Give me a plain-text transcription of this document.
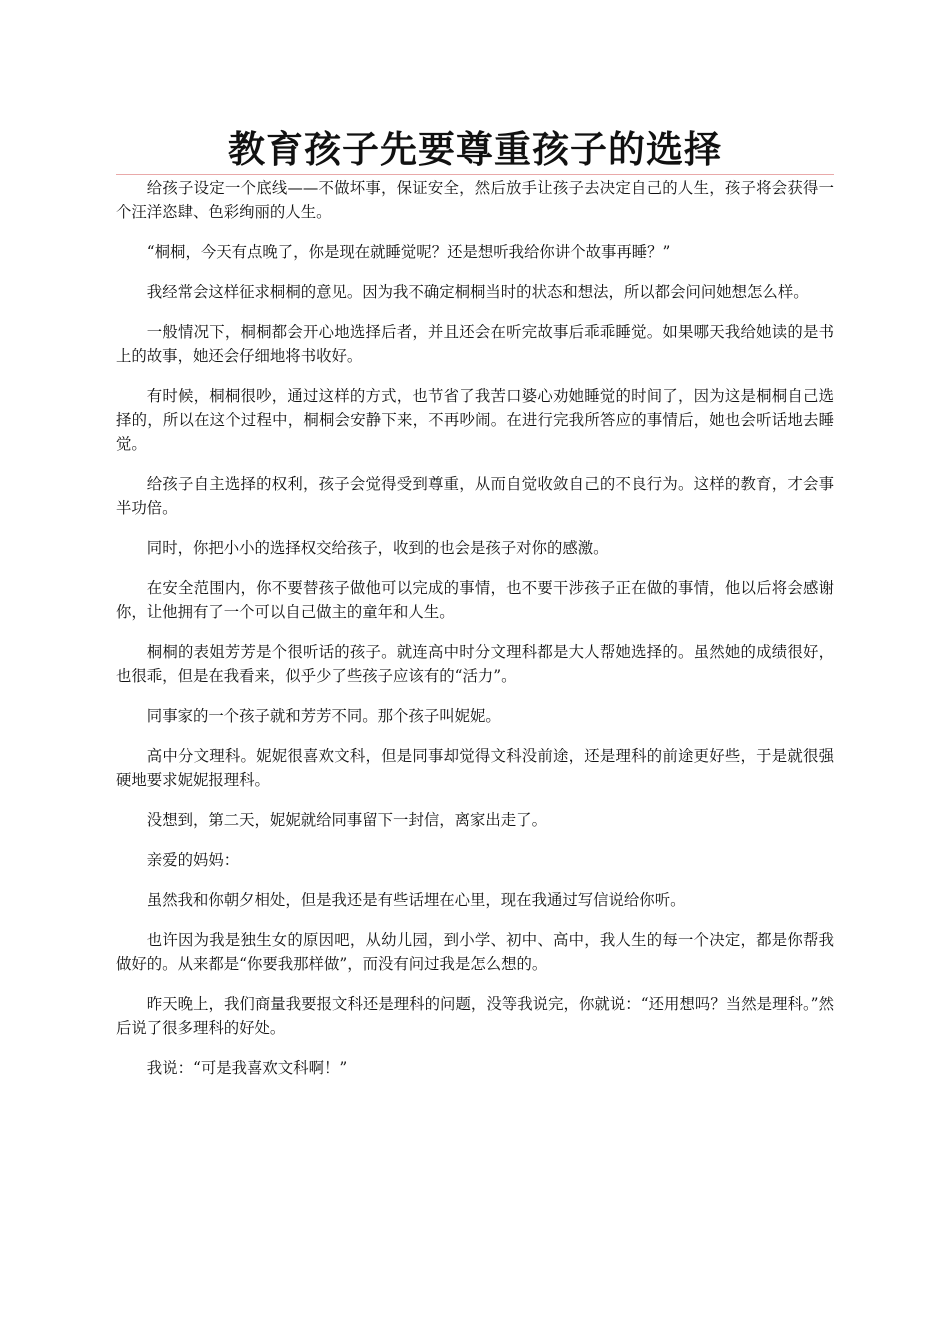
教育孩子先要尊重孩子的选择

给孩子设定一个底线——不做坏事，保证安全，然后放手让孩子去决定自己的人生，孩子将会获得一个汪洋恣肆、色彩绚丽的人生。

“桐桐，今天有点晚了，你是现在就睡觉呢？还是想听我给你讲个故事再睡？”

我经常会这样征求桐桐的意见。因为我不确定桐桐当时的状态和想法，所以都会问问她想怎么样。

一般情况下，桐桐都会开心地选择后者，并且还会在听完故事后乖乖睡觉。如果哪天我给她读的是书上的故事，她还会仔细地将书收好。

有时候，桐桐很吵，通过这样的方式，也节省了我苦口婆心劝她睡觉的时间了，因为这是桐桐自己选择的，所以在这个过程中，桐桐会安静下来，不再吵闹。在进行完我所答应的事情后，她也会听话地去睡觉。

给孩子自主选择的权利，孩子会觉得受到尊重，从而自觉收敛自己的不良行为。这样的教育，才会事半功倍。

同时，你把小小的选择权交给孩子，收到的也会是孩子对你的感激。

在安全范围内，你不要替孩子做他可以完成的事情，也不要干涉孩子正在做的事情，他以后将会感谢你，让他拥有了一个可以自己做主的童年和人生。

桐桐的表姐芳芳是个很听话的孩子。就连高中时分文理科都是大人帮她选择的。虽然她的成绩很好，也很乖，但是在我看来，似乎少了些孩子应该有的“活力”。

同事家的一个孩子就和芳芳不同。那个孩子叫妮妮。

高中分文理科。妮妮很喜欢文科，但是同事却觉得文科没前途，还是理科的前途更好些，于是就很强硬地要求妮妮报理科。

没想到，第二天，妮妮就给同事留下一封信，离家出走了。

亲爱的妈妈：

虽然我和你朝夕相处，但是我还是有些话埋在心里，现在我通过写信说给你听。

也许因为我是独生女的原因吧，从幼儿园，到小学、初中、高中，我人生的每一个决定，都是你帮我做好的。从来都是“你要我那样做”，而没有问过我是怎么想的。

昨天晚上，我们商量我要报文科还是理科的问题，没等我说完，你就说：“还用想吗？当然是理科。”然后说了很多理科的好处。

我说：“可是我喜欢文科啊！”
